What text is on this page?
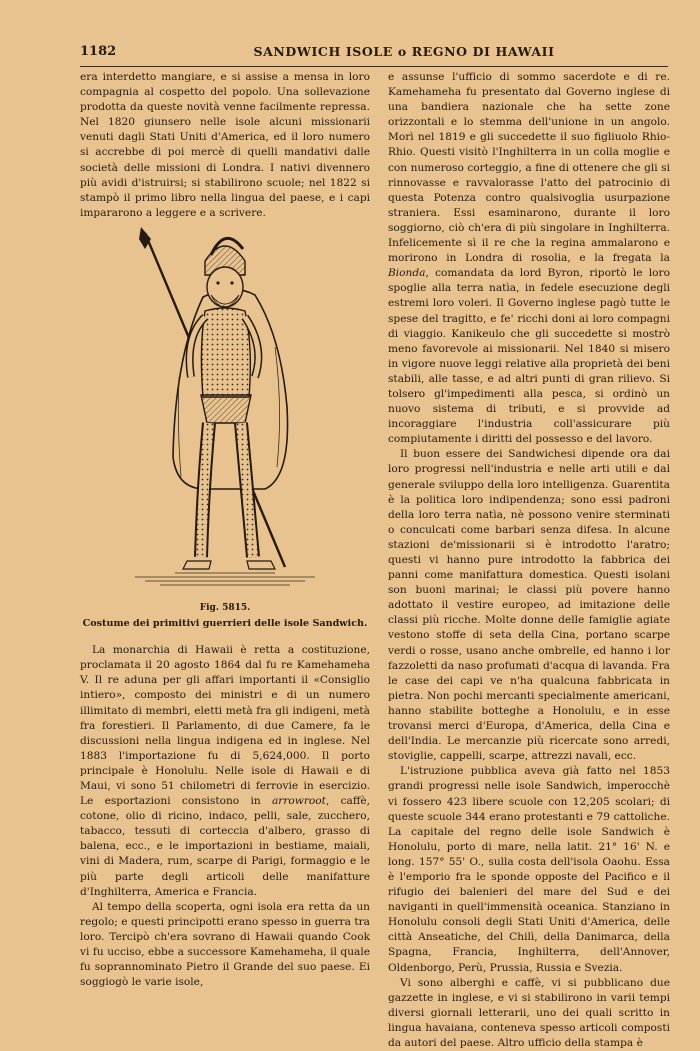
1182	SANDWICH ISOLE o REGNO DI HAWAII

era interdetto mangiare, e si assise a mensa in loro compagnia al cospetto del popolo. Una sollevazione prodotta da queste novità venne facilmente repressa. Nel 1820 giunsero nelle isole alcuni missionarii venuti dagli Stati Uniti d'America, ed il loro numero si accrebbe di poi mercè di quelli mandativi dalle società delle missioni di Londra. I nativi divennero più avidi d'istruirsi; si stabilirono scuole; nel 1822 si stampò il primo libro nella lingua del paese, e i capi impararono a leggere e a scrivere.

Fig. 5815.
Costume dei primitivi guerrieri delle isole Sandwich.

La monarchia di Hawaii è retta a costituzione, proclamata il 20 agosto 1864 dal fu re Kamehameha V. Il re aduna per gli affari importanti il «Consiglio intiero», composto dei ministri e di un numero illimitato di membri, eletti metà fra gli indigeni, metà fra forestieri. Il Parlamento, di due Camere, fa le discussioni nella lingua indigena ed in inglese. Nel 1883 l'importazione fu di 5,624,000. Il porto principale è Honolulu. Nelle isole di Hawaii e di Maui, vi sono 51 chilometri di ferrovie in esercizio. Le esportazioni consistono in arrowroot, caffè, cotone, olio di ricino, indaco, pelli, sale, zucchero, tabacco, tessuti di corteccia d'albero, grasso di balena, ecc., e le importazioni in bestiame, maiali, vini di Madera, rum, scarpe di Parigi, formaggio e le più parte degli articoli delle manifatture d'Inghilterra, America e Francia.

Al tempo della scoperta, ogni isola era retta da un regolo; e questi principotti erano spesso in guerra tra loro. Tercipò ch'era sovrano di Hawaii quando Cook vi fu ucciso, ebbe a successore Kamehameha, il quale fu soprannominato Pietro il Grande del suo paese. Ei soggiogò le varie isole,

e assunse l'ufficio di sommo sacerdote e di re. Kamehameha fu presentato dal Governo inglese di una bandiera nazionale che ha sette zone orizzontali e lo stemma dell'unione in un angolo. Morì nel 1819 e gli succedette il suo figliuolo Rhio-Rhio. Questi visitò l'Inghilterra in un colla moglie e con numeroso corteggio, a fine di ottenere che gli si rinnovasse e ravvalorasse l'atto del patrocinio di questa Potenza contro qualsivoglia usurpazione straniera. Essi esaminarono, durante il loro soggiorno, ciò ch'era di più singolare in Inghilterra. Infelicemente sì il re che la regina ammalarono e morirono in Londra di rosolia, e la fregata la Bionda, comandata da lord Byron, riportò le loro spoglie alla terra natìa, in fedele esecuzione degli estremi loro voleri. Il Governo inglese pagò tutte le spese del tragitto, e fe' ricchi doni ai loro compagni di viaggio. Kanikeulo che gli succedette si mostrò meno favorevole ai missionarii. Nel 1840 si misero in vigore nuove leggi relative alla proprietà dei beni stabili, alle tasse, e ad altri punti di gran rilievo. Si tolsero gl'impedimenti alla pesca, si ordinò un nuovo sistema di tributi, e si provvide ad incoraggiare l'industria coll'assicurare più compiutamente i diritti del possesso e del lavoro.

Il buon essere dei Sandwichesi dipende ora dai loro progressi nell'industria e nelle arti utili e dal generale sviluppo della loro intelligenza. Guarentita è la politica loro indipendenza; sono essi padroni della loro terra natìa, nè possono venire sterminati o conculcati come barbari senza difesa. In alcune stazioni de'missionarii si è introdotto l'aratro; questi vi hanno pure introdotto la fabbrica dei panni come manifattura domestica. Questi isolani son buoni marinai; le classi più povere hanno adottato il vestire europeo, ad imitazione delle classi più ricche. Molte donne delle famiglie agiate vestono stoffe di seta della Cina, portano scarpe verdi o rosse, usano anche ombrelle, ed hanno i lor fazzoletti da naso profumati d'acqua di lavanda. Fra le case dei capi ve n'ha qualcuna fabbricata in pietra. Non pochi mercanti specialmente americani, hanno stabilite botteghe a Honolulu, e in esse trovansi merci d'Europa, d'America, della Cina e dell'India. Le mercanzie più ricercate sono arredi, stoviglie, cappelli, scarpe, attrezzi navali, ecc.

L'istruzione pubblica aveva già fatto nel 1853 grandi progressi nelle isole Sandwich, imperocchè vi fossero 423 libere scuole con 12,205 scolari; di queste scuole 344 erano protestanti e 79 cattoliche. La capitale del regno delle isole Sandwich è Honolulu, porto di mare, nella latit. 21° 16' N. e long. 157° 55' O., sulla costa dell'isola Oaohu. Essa è l'emporio fra le sponde opposte del Pacifico e il rifugio dei balenieri del mare del Sud e dei naviganti in quell'immensità oceanica. Stanziano in Honolulu consoli degli Stati Uniti d'America, delle città Anseatiche, del Chilì, della Danimarca, della Spagna, Francia, Inghilterra, dell'Annover, Oldenborgo, Perù, Prussia, Russia e Svezia.

Vi sono alberghi e caffè, vi si pubblicano due gazzette in inglese, e vi si stabilirono in varii tempi diversi giornali letterarii, uno dei quali scritto in lingua havaiana, conteneva spesso articoli composti da autori del paese. Altro ufficio della stampa è
